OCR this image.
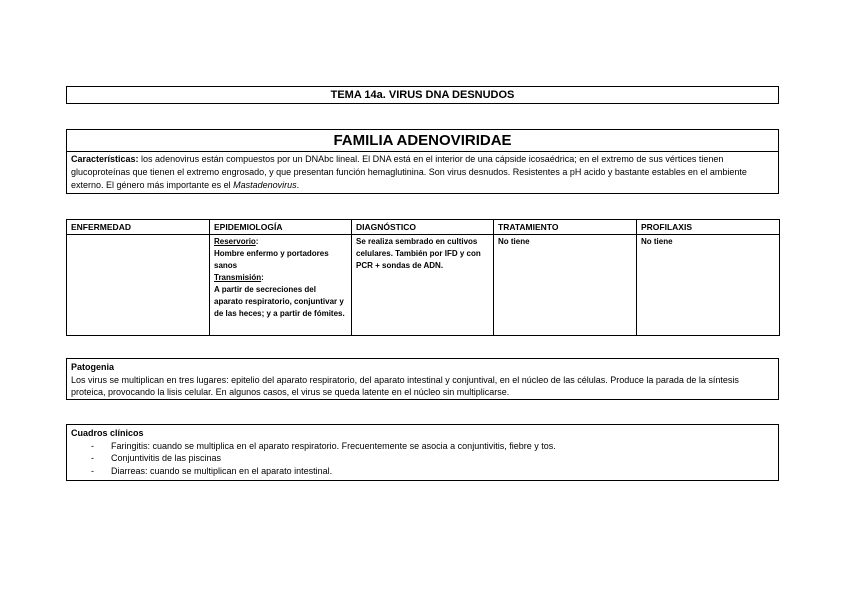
TEMA 14a. VIRUS DNA DESNUDOS
FAMILIA ADENOVIRIDAE
Características: los adenovirus están compuestos por un DNAbc lineal. El DNA está en el interior de una cápside icosaédrica; en el extremo de sus vértices tienen glucoproteínas que tienen el extremo engrosado, y que presentan función hemaglutinina. Son virus desnudos. Resistentes a pH acido y bastante estables en el ambiente externo. El género más importante es el Mastadenovirus.
ENFERMEDAD	EPIDEMIOLOGÍA	DIAGNÓSTICO	TRATAMIENTO	PROFILAXIS
	Reservorio:
Hombre enfermo y portadores sanos
Transmisión:
A partir de secreciones del aparato respiratorio, conjuntivar y de las heces; y a partir de fómites.	Se realiza sembrado en cultivos celulares. También por IFD y con PCR + sondas de ADN.	No tiene	No tiene
Patogenia
Los virus se multiplican en tres lugares: epitelio del aparato respiratorio, del aparato intestinal y conjuntival, en el núcleo de las células. Produce la parada de la síntesis proteica, provocando la lisis celular. En algunos casos, el virus se queda latente en el núcleo sin multiplicarse.
Cuadros clínicos
- Faringitis: cuando se multiplica en el aparato respiratorio. Frecuentemente se asocia a conjuntivitis, fiebre y tos.
- Conjuntivitis de las piscinas
- Diarreas: cuando se multiplican en el aparato intestinal.
